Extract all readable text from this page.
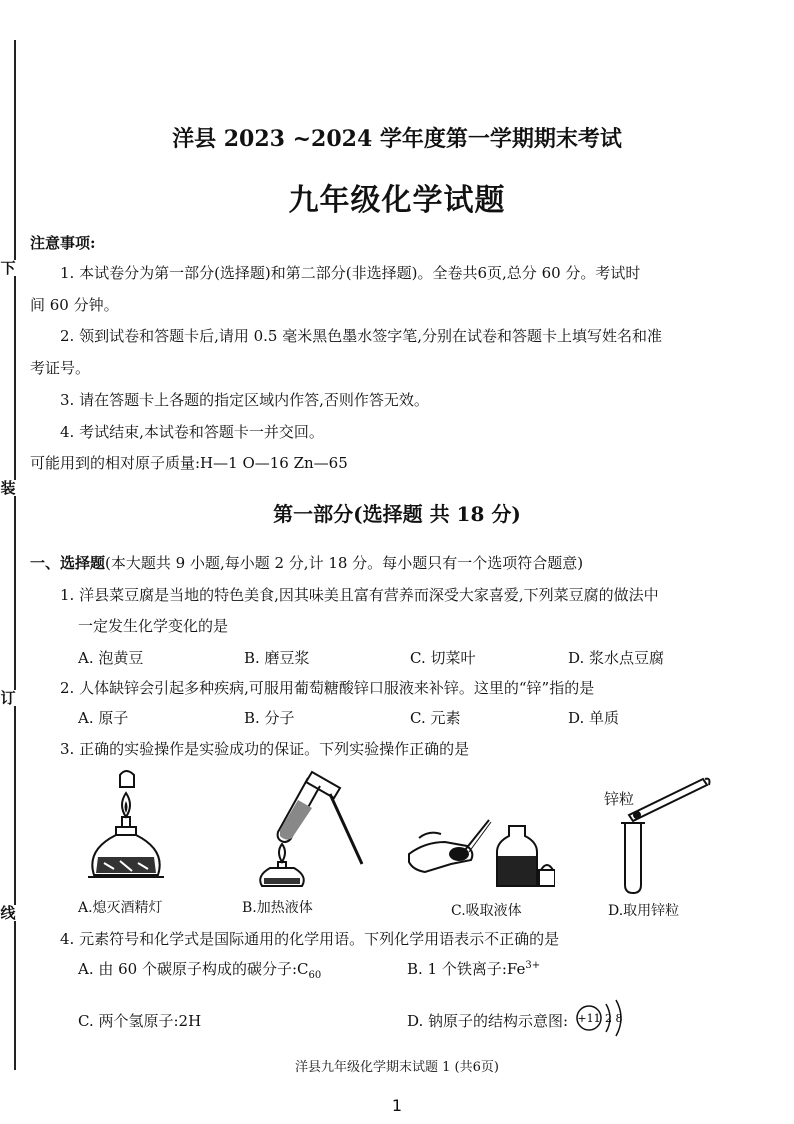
下
装
订
线
洋县 2023 ~2024 学年度第一学期期末考试
九年级化学试题
注意事项:
1. 本试卷分为第一部分(选择题)和第二部分(非选择题)。全卷共6页,总分 60 分。考试时
间 60 分钟。
2. 领到试卷和答题卡后,请用 0.5 毫米黑色墨水签字笔,分别在试卷和答题卡上填写姓名和准
考证号。
3. 请在答题卡上各题的指定区域内作答,否则作答无效。
4. 考试结束,本试卷和答题卡一并交回。
可能用到的相对原子质量:H—1 O—16 Zn—65
第一部分(选择题 共 18 分)
一、选择题(本大题共 9 小题,每小题 2 分,计 18 分。每小题只有一个选项符合题意)
1. 洋县菜豆腐是当地的特色美食,因其味美且富有营养而深受大家喜爱,下列菜豆腐的做法中
一定发生化学变化的是
A. 泡黄豆	B. 磨豆浆	C. 切菜叶	D. 浆水点豆腐
2. 人体缺锌会引起多种疾病,可服用葡萄糖酸锌口服液来补锌。这里的“锌”指的是
A. 原子	B. 分子	C. 元素	D. 单质
3. 正确的实验操作是实验成功的保证。下列实验操作正确的是
A.熄灭酒精灯	B.加热液体	C.吸取液体
锌粒
D.取用锌粒
4. 元素符号和化学式是国际通用的化学用语。下列化学用语表示不正确的是
A. 由 60 个碳原子构成的碳分子$:C_{60}$	B. 1 个铁离子$:Fe^{3+}$
C. 两个氢原子:2H	D. 钠原子的结构示意图: +11 2 8
洋县九年级化学期末试题 1 (共6页)
1
